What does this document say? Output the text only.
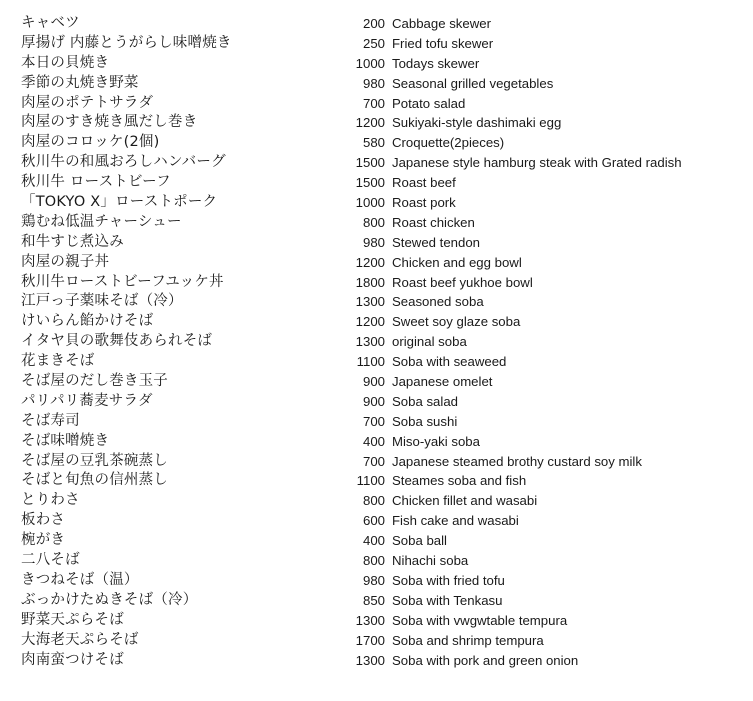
キャベツ	200 Cabbage skewer
厚揚げ 内藤とうがらし味噌焼き	250 Fried tofu skewer
本日の貝焼き	1000 Todays skewer
季節の丸焼き野菜	980 Seasonal grilled vegetables
肉屋のポテトサラダ	700 Potato salad
肉屋のすき焼き風だし巻き	1200 Sukiyaki-style dashimaki egg
肉屋のコロッケ(2個)	580 Croquette(2pieces)
秋川牛の和風おろしハンバーグ	1500 Japanese style hamburg steak with Grated radish
秋川牛 ローストビーフ	1500 Roast beef
「TOKYO X」ローストポーク	1000 Roast pork
鶏むね低温チャーシュー	800 Roast chicken
和牛すじ煮込み	980 Stewed tendon
肉屋の親子丼	1200 Chicken and egg bowl
秋川牛ローストビーフユッケ丼	1800 Roast beef yukhoe bowl
江戸っ子薬味そば（冷）	1300 Seasoned soba
けいらん餡かけそば	1200 Sweet soy glaze soba
イタヤ貝の歌舞伎あられそば	1300 original soba
花まきそば	1100 Soba with seaweed
そば屋のだし巻き玉子	900 Japanese omelet
パリパリ蕎麦サラダ	900 Soba salad
そば寿司	700 Soba sushi
そば味噌焼き	400 Miso-yaki soba
そば屋の豆乳茶碗蒸し	700 Japanese steamed brothy custard soy milk
そばと旬魚の信州蒸し	1100 Steames soba and fish
とりわさ	800 Chicken fillet and wasabi
板わさ	600 Fish cake and wasabi
椀がき	400 Soba ball
二八そば	800 Nihachi soba
きつねそば（温）	980 Soba with fried tofu
ぶっかけたぬきそば（冷）	850 Soba with Tenkasu
野菜天ぷらそば	1300 Soba with vwgwtable tempura
大海老天ぷらそば	1700 Soba and shrimp tempura
肉南蛮つけそば	1300 Soba with pork and green onion
